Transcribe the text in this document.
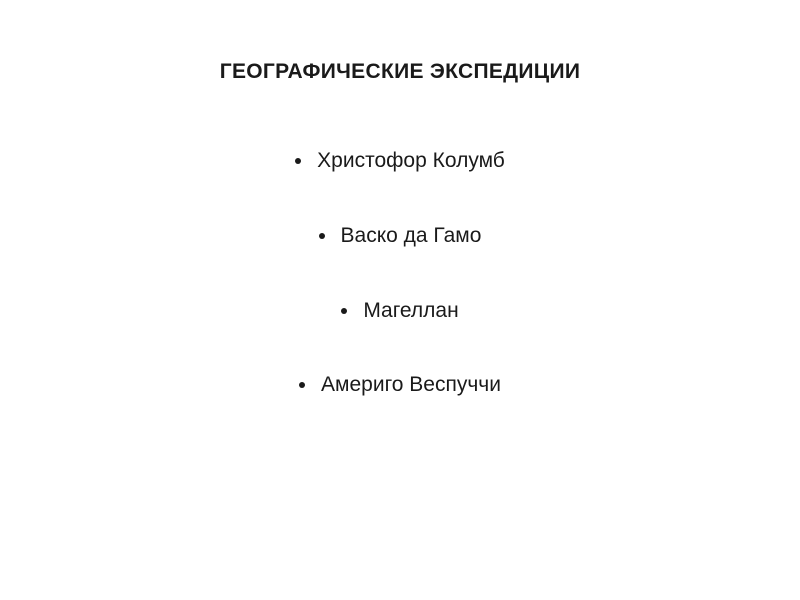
ГЕОГРАФИЧЕСКИЕ ЭКСПЕДИЦИИ
Христофор Колумб
Васко да Гамо
Магеллан
Америго Веспуччи
